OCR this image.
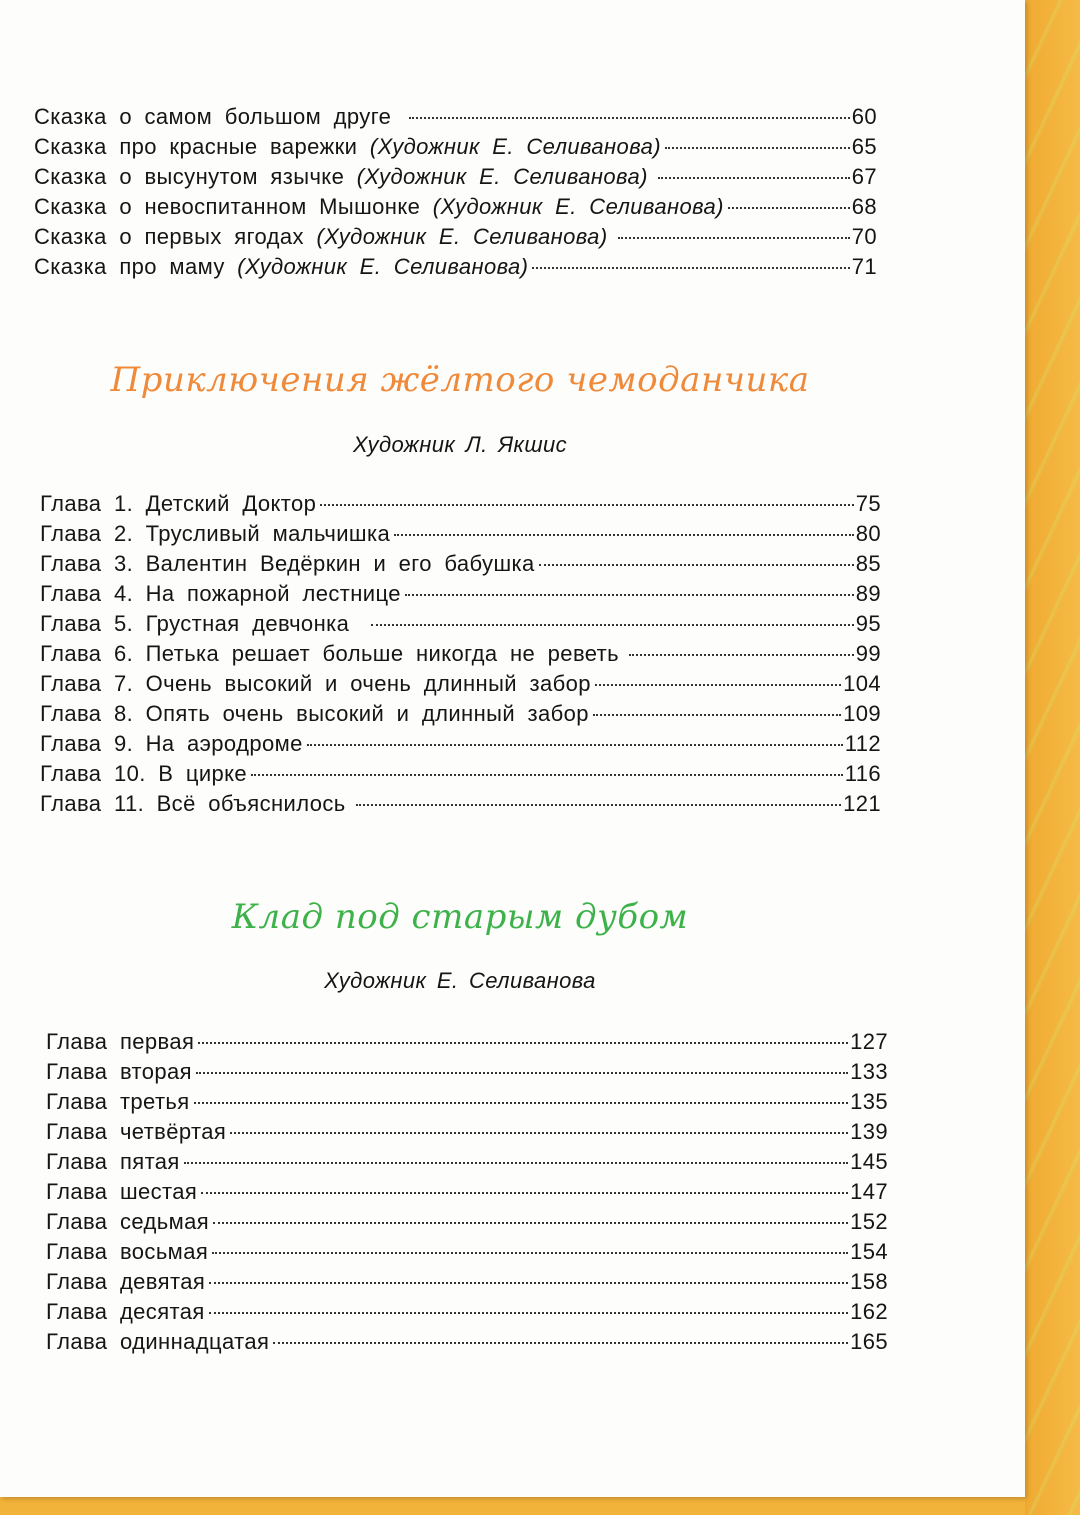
Сказка о самом большом друге	60
Сказка про красные варежки (Художник Е. Селиванова)	65
Сказка о высунутом язычке (Художник Е. Селиванова)	67
Сказка о невоспитанном Мышонке (Художник Е. Селиванова)	68
Сказка о первых ягодах (Художник Е. Селиванова)	70
Сказка про маму (Художник Е. Селиванова)	71
Приключения жёлтого чемоданчика
Художник Л. Якшис
Глава 1. Детский Доктор	75
Глава 2. Трусливый мальчишка	80
Глава 3. Валентин Ведёркин и его бабушка	85
Глава 4. На пожарной лестнице	89
Глава 5. Грустная девчонка	95
Глава 6. Петька решает больше никогда не реветь	99
Глава 7. Очень высокий и очень длинный забор	104
Глава 8. Опять очень высокий и длинный забор	109
Глава 9. На аэродроме	112
Глава 10. В цирке	116
Глава 11. Всё объяснилось	121
Клад под старым дубом
Художник Е. Селиванова
Глава первая	127
Глава вторая	133
Глава третья	135
Глава четвёртая	139
Глава пятая	145
Глава шестая	147
Глава седьмая	152
Глава восьмая	154
Глава девятая	158
Глава десятая	162
Глава одиннадцатая	165
